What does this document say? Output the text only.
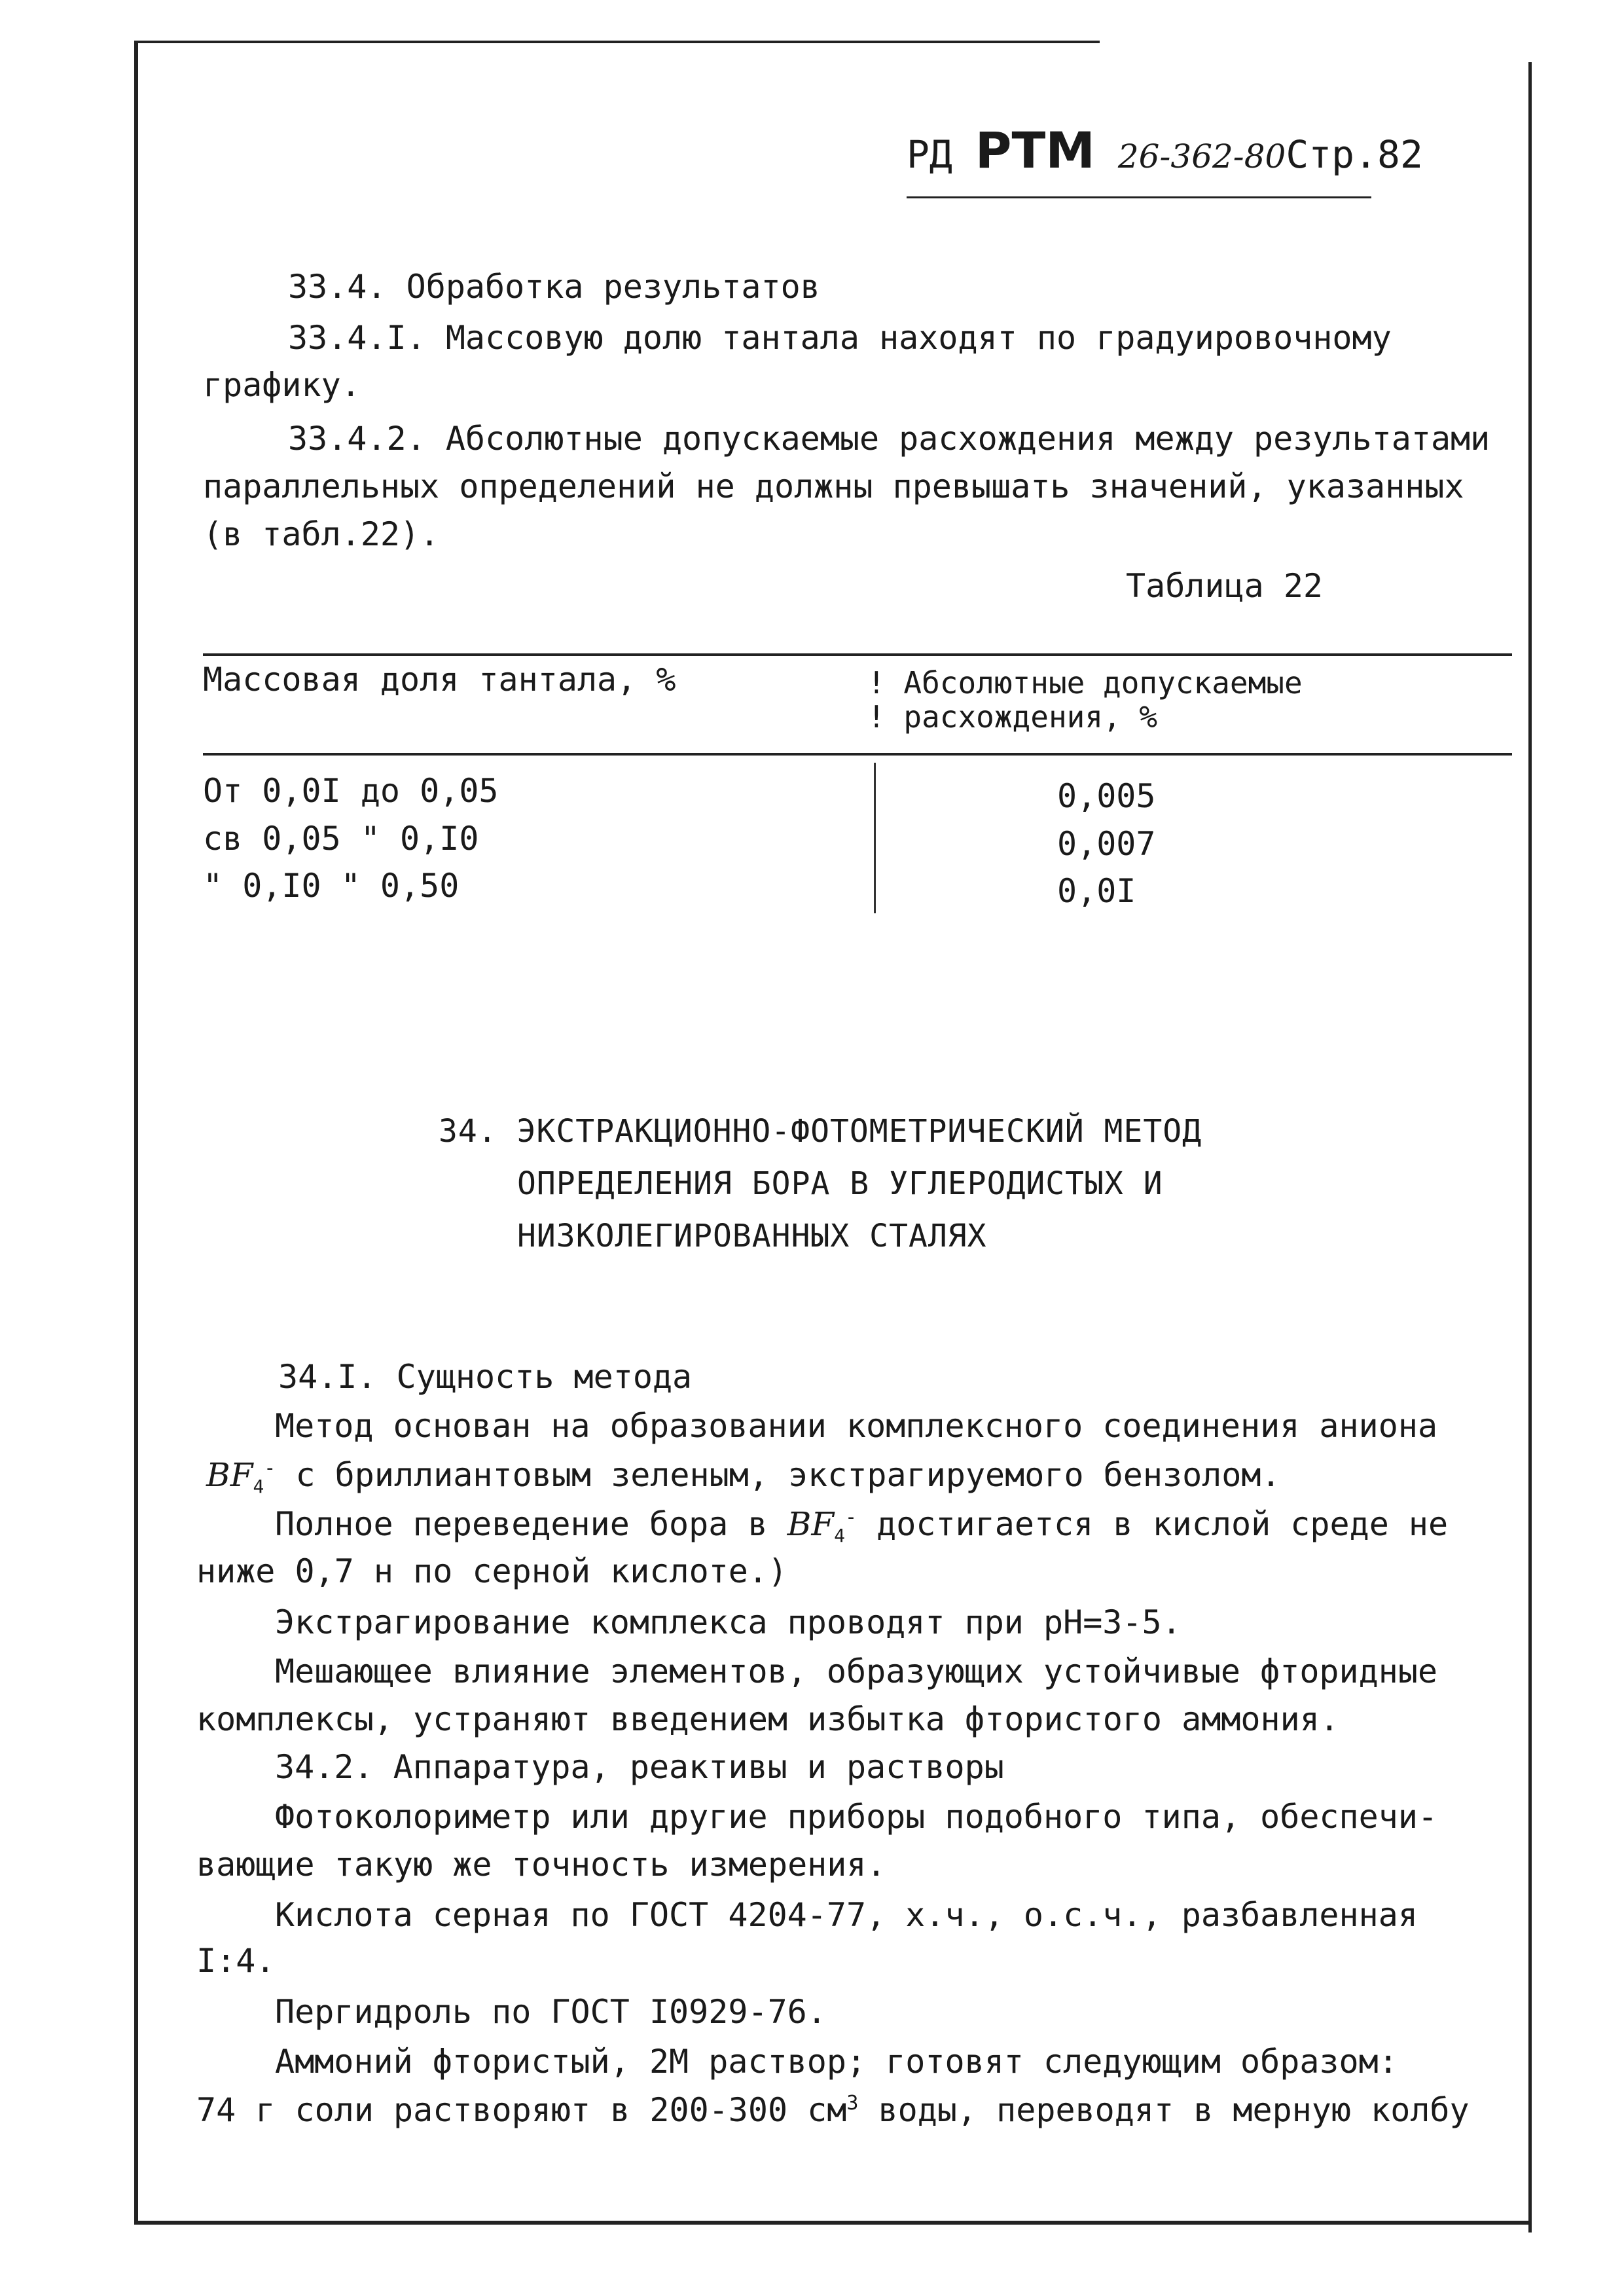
РД РТМ 26-362-80Стр.82
33.4. Обработка результатов
33.4.I. Массовую долю тантала находят по градуировочному
графику.
33.4.2. Абсолютные допускаемые расхождения между результатами
параллельных определений не должны превышать значений, указанных
(в табл.22).
Таблица 22
Массовая доля тантала, %	! Абсолютные допускаемые
! расхождения, %
От 0,0I до 0,05	0,005
св 0,05 " 0,I0	0,007
" 0,I0 " 0,50	0,0I
34. ЭКСТРАКЦИОННО-ФОТОМЕТРИЧЕСКИЙ МЕТОД
ОПРЕДЕЛЕНИЯ БОРА В УГЛЕРОДИСТЫХ И
НИЗКОЛЕГИРОВАННЫХ СТАЛЯХ
34.I. Сущность метода
Метод основан на образовании комплексного соединения аниона
$BF_4^-$ с бриллиантовым зеленым, экстрагируемого бензолом.
Полное переведение бора в $BF_4^-$ достигается в кислой среде не
ниже 0,7 н по серной кислоте.)
Экстрагирование комплекса проводят при pH=3-5.
Мешающее влияние элементов, образующих устойчивые фторидные
комплексы, устраняют введением избытка фтористого аммония.
34.2. Аппаратура, реактивы и растворы
Фотоколориметр или другие приборы подобного типа, обеспечи-
вающие такую же точность измерения.
Кислота серная по ГОСТ 4204-77, х.ч., о.с.ч., разбавленная
I:4.
Пергидроль по ГОСТ I0929-76.
Аммоний фтористый, 2М раствор; готовят следующим образом:
74 г соли растворяют в 200-300 $см^3$ воды, переводят в мерную колбу
